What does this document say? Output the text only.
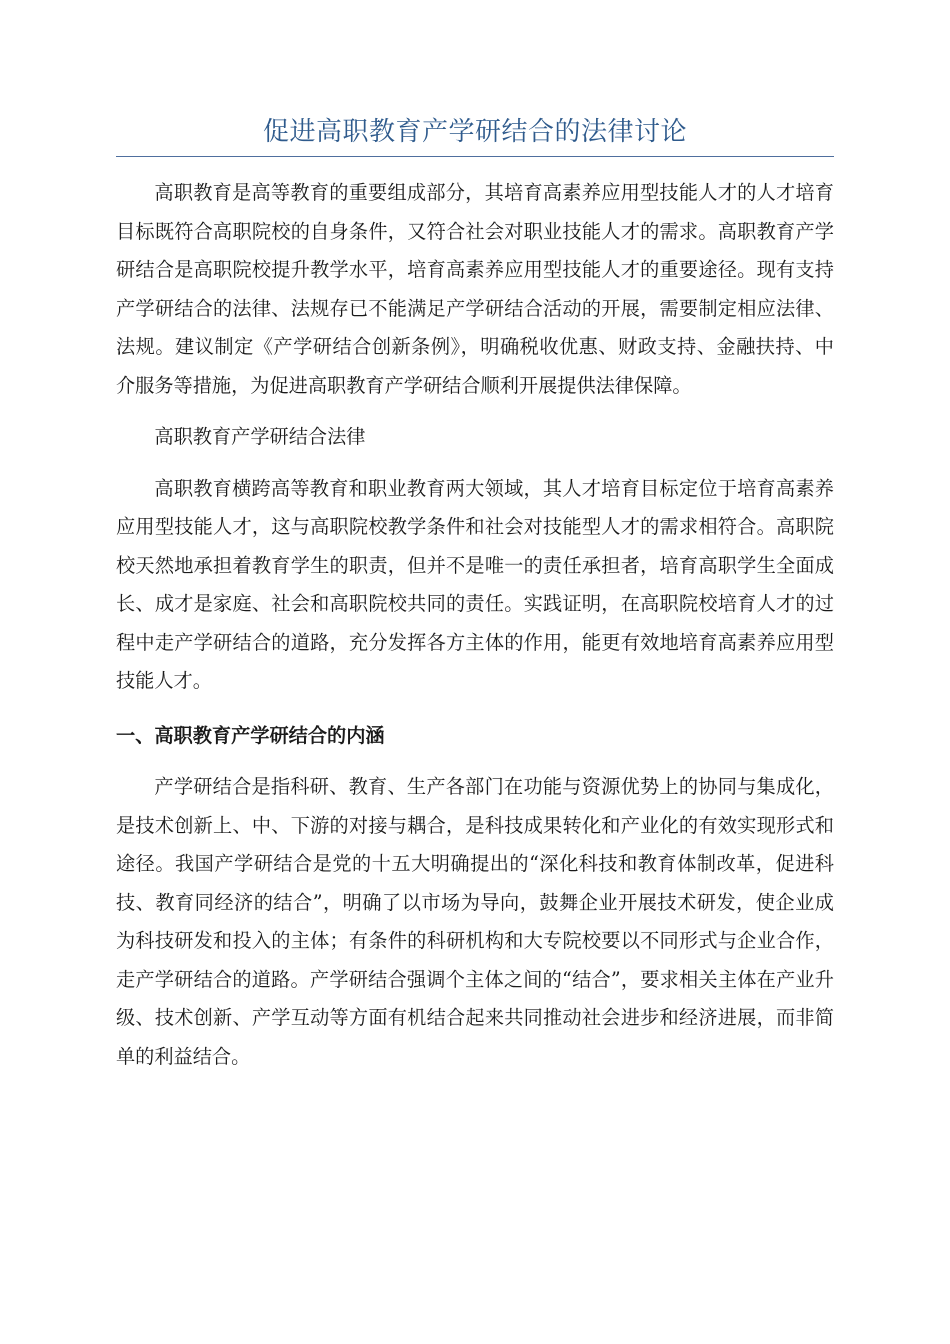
促进高职教育产学研结合的法律讨论

高职教育是高等教育的重要组成部分，其培育高素养应用型技能人才的人才培育目标既符合高职院校的自身条件，又符合社会对职业技能人才的需求。高职教育产学研结合是高职院校提升教学水平，培育高素养应用型技能人才的重要途径。现有支持产学研结合的法律、法规存已不能满足产学研结合活动的开展，需要制定相应法律、法规。建议制定《产学研结合创新条例》，明确税收优惠、财政支持、金融扶持、中介服务等措施，为促进高职教育产学研结合顺利开展提供法律保障。

高职教育产学研结合法律

高职教育横跨高等教育和职业教育两大领域，其人才培育目标定位于培育高素养应用型技能人才，这与高职院校教学条件和社会对技能型人才的需求相符合。高职院校天然地承担着教育学生的职责，但并不是唯一的责任承担者，培育高职学生全面成长、成才是家庭、社会和高职院校共同的责任。实践证明，在高职院校培育人才的过程中走产学研结合的道路，充分发挥各方主体的作用，能更有效地培育高素养应用型技能人才。

一、高职教育产学研结合的内涵

产学研结合是指科研、教育、生产各部门在功能与资源优势上的协同与集成化，是技术创新上、中、下游的对接与耦合，是科技成果转化和产业化的有效实现形式和途径。我国产学研结合是党的十五大明确提出的“深化科技和教育体制改革，促进科技、教育同经济的结合”，明确了以市场为导向，鼓舞企业开展技术研发，使企业成为科技研发和投入的主体；有条件的科研机构和大专院校要以不同形式与企业合作，走产学研结合的道路。产学研结合强调个主体之间的“结合”，要求相关主体在产业升级、技术创新、产学互动等方面有机结合起来共同推动社会进步和经济进展，而非简单的利益结合。
